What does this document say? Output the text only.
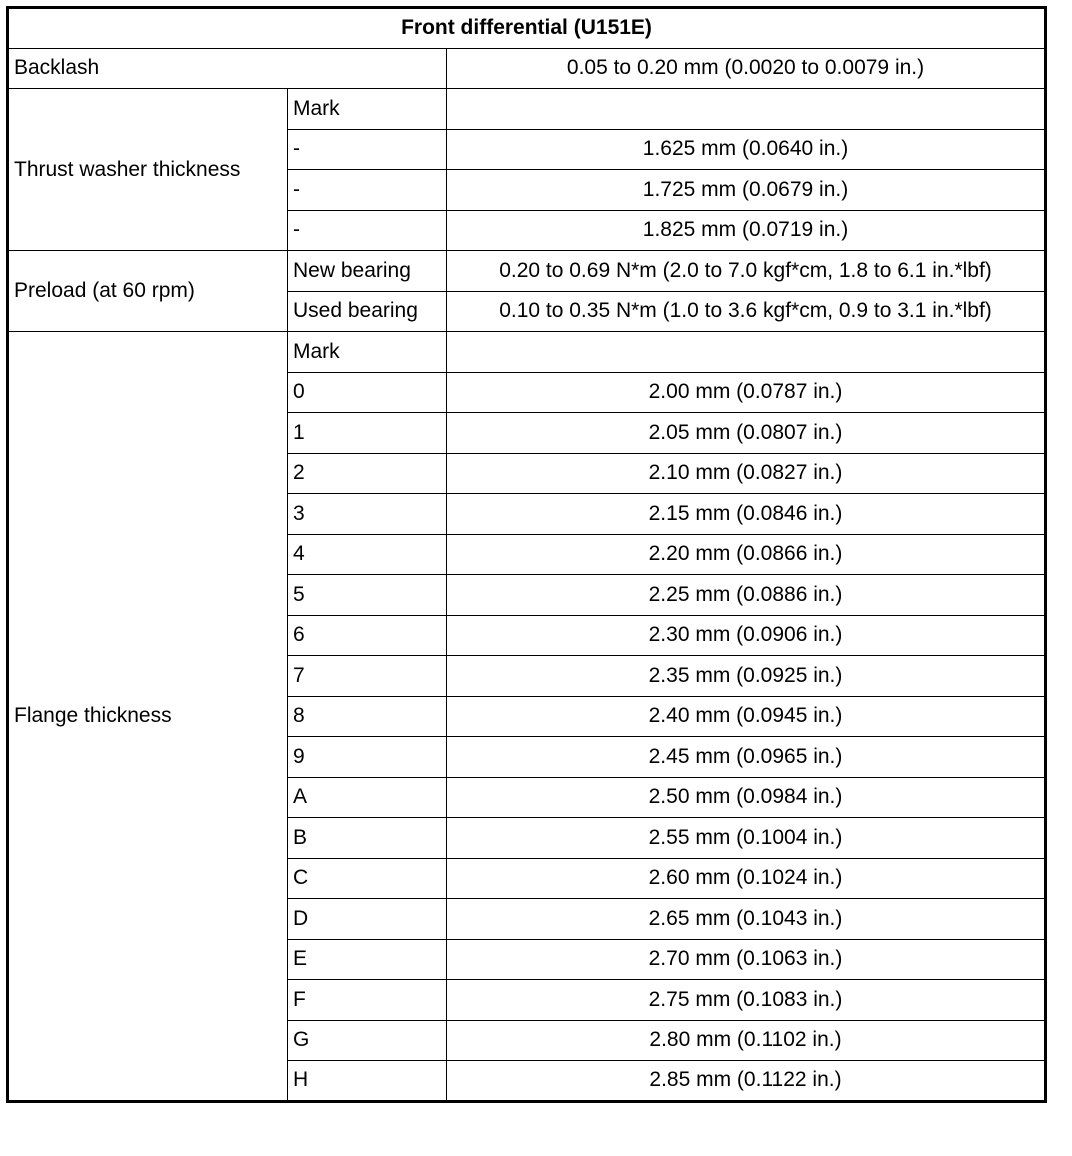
Front differential (U151E)		
Backlash		0.05 to 0.20 mm (0.0020 to 0.0079 in.)
Thrust washer thickness	Mark	
	-	1.625 mm (0.0640 in.)
	-	1.725 mm (0.0679 in.)
	-	1.825 mm (0.0719 in.)
Preload (at 60 rpm)	New bearing	0.20 to 0.69 N*m (2.0 to 7.0 kgf*cm, 1.8 to 6.1 in.*lbf)
	Used bearing	0.10 to 0.35 N*m (1.0 to 3.6 kgf*cm, 0.9 to 3.1 in.*lbf)
Flange thickness	Mark	
	0	2.00 mm (0.0787 in.)
	1	2.05 mm (0.0807 in.)
	2	2.10 mm (0.0827 in.)
	3	2.15 mm (0.0846 in.)
	4	2.20 mm (0.0866 in.)
	5	2.25 mm (0.0886 in.)
	6	2.30 mm (0.0906 in.)
	7	2.35 mm (0.0925 in.)
	8	2.40 mm (0.0945 in.)
	9	2.45 mm (0.0965 in.)
	A	2.50 mm (0.0984 in.)
	B	2.55 mm (0.1004 in.)
	C	2.60 mm (0.1024 in.)
	D	2.65 mm (0.1043 in.)
	E	2.70 mm (0.1063 in.)
	F	2.75 mm (0.1083 in.)
	G	2.80 mm (0.1102 in.)
	H	2.85 mm (0.1122 in.)
